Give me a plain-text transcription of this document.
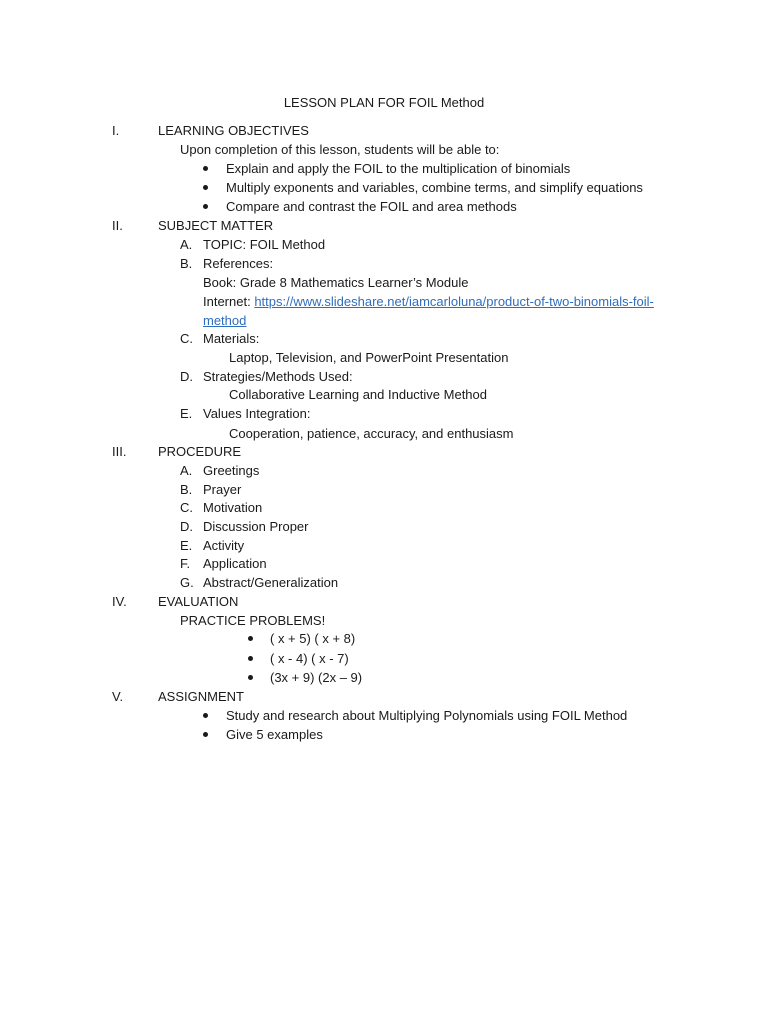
LESSON PLAN FOR FOIL Method
I.	LEARNING OBJECTIVES
Upon completion of this lesson, students will be able to:
Explain and apply the FOIL to the multiplication of binomials
Multiply exponents and variables, combine terms, and simplify equations
Compare and contrast the FOIL and area methods
II.	SUBJECT MATTER
A. TOPIC: FOIL Method
B. References:
Book: Grade 8 Mathematics Learner’s Module
Internet: https://www.slideshare.net/iamcarloluna/product-of-two-binomials-foil-
method
C. Materials:
Laptop, Television, and PowerPoint Presentation
D. Strategies/Methods Used:
Collaborative Learning and Inductive Method
E. Values Integration:
Cooperation, patience, accuracy, and enthusiasm
III. PROCEDURE
A. Greetings
B. Prayer
C. Motivation
D. Discussion Proper
E. Activity
F. Application
G. Abstract/Generalization
IV. EVALUATION
PRACTICE PROBLEMS!
( x + 5) ( x + 8)
( x - 4) ( x - 7)
(3x + 9) (2x – 9)
V.	ASSIGNMENT
Study and research about Multiplying Polynomials using FOIL Method
Give 5 examples
